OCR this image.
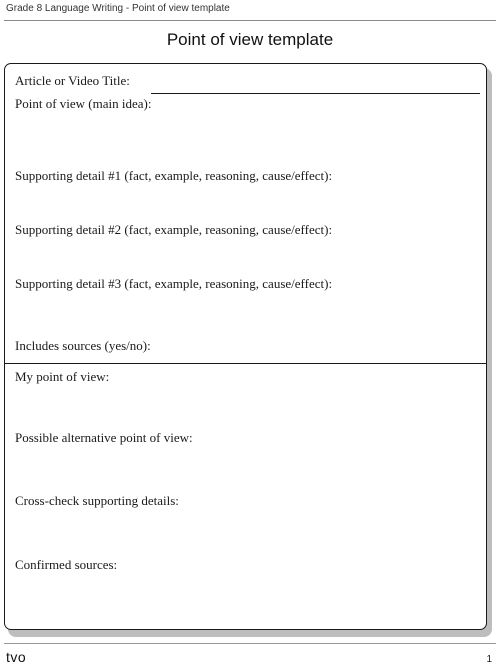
Grade 8 Language Writing - Point of view template
Point of view template
Article or Video Title:
Point of view (main idea):
Supporting detail #1 (fact, example, reasoning, cause/effect):
Supporting detail #2 (fact, example, reasoning, cause/effect):
Supporting detail #3 (fact, example, reasoning, cause/effect):
Includes sources (yes/no):
My point of view:
Possible alternative point of view:
Cross-check supporting details:
Confirmed sources:
tvo	1
